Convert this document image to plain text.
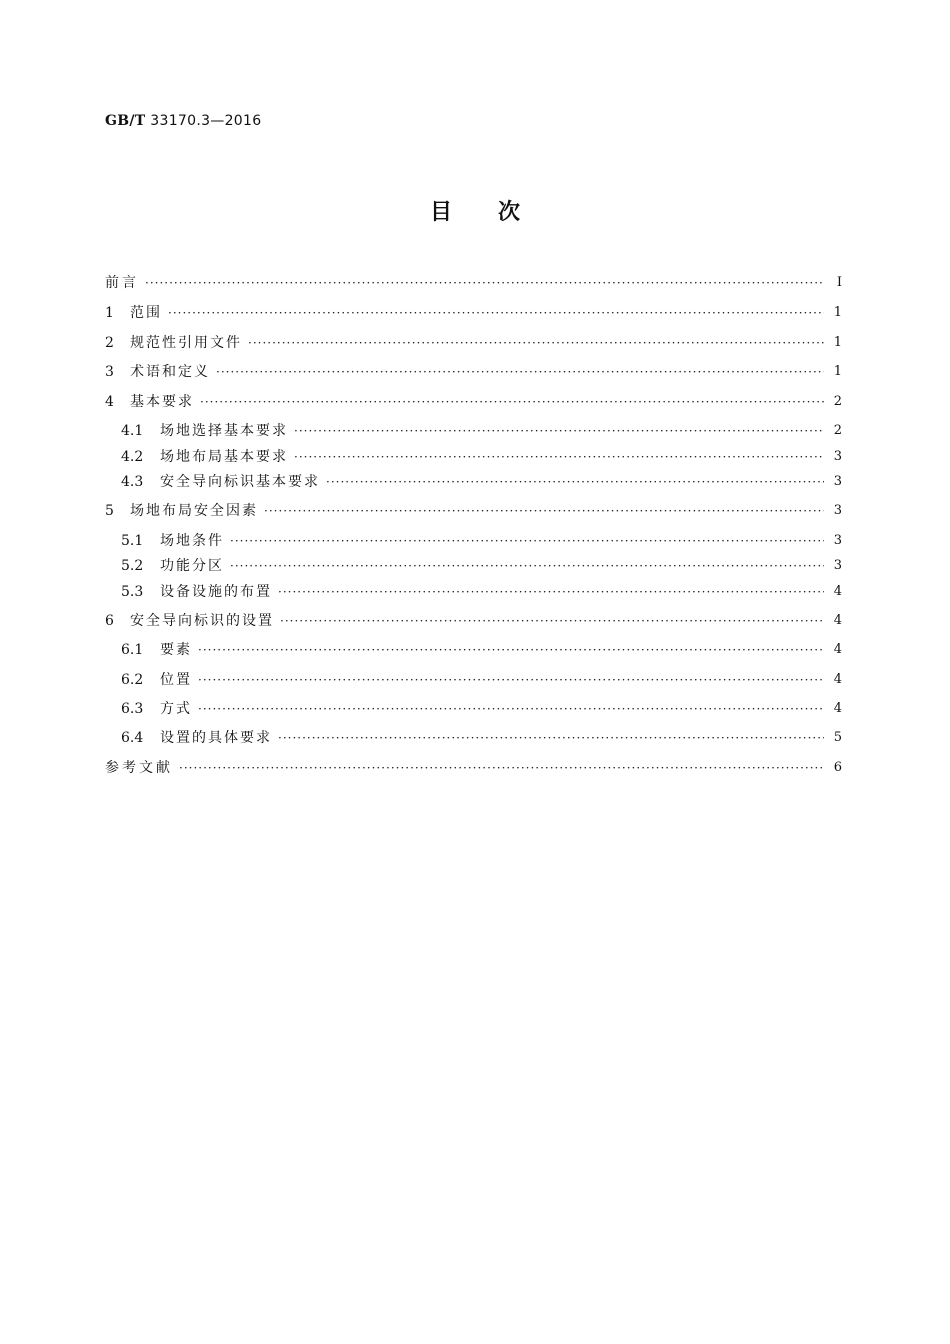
GB/T 33170.3—2016
目次
前言 ·····	Ⅰ
1	范围 ·····	1
2	规范性引用文件 ·····	1
3	术语和定义 ·····	1
4	基本要求 ·····	2
4.1	场地选择基本要求 ·····	2
4.2	场地布局基本要求 ·····	3
4.3	安全导向标识基本要求 ·····	3
5	场地布局安全因素 ·····	3
5.1	场地条件 ·····	3
5.2	功能分区 ·····	3
5.3	设备设施的布置 ·····	4
6	安全导向标识的设置 ·····	4
6.1	要素 ·····	4
6.2	位置 ·····	4
6.3	方式 ·····	4
6.4	设置的具体要求 ·····	5
参考文献 ·····	6
